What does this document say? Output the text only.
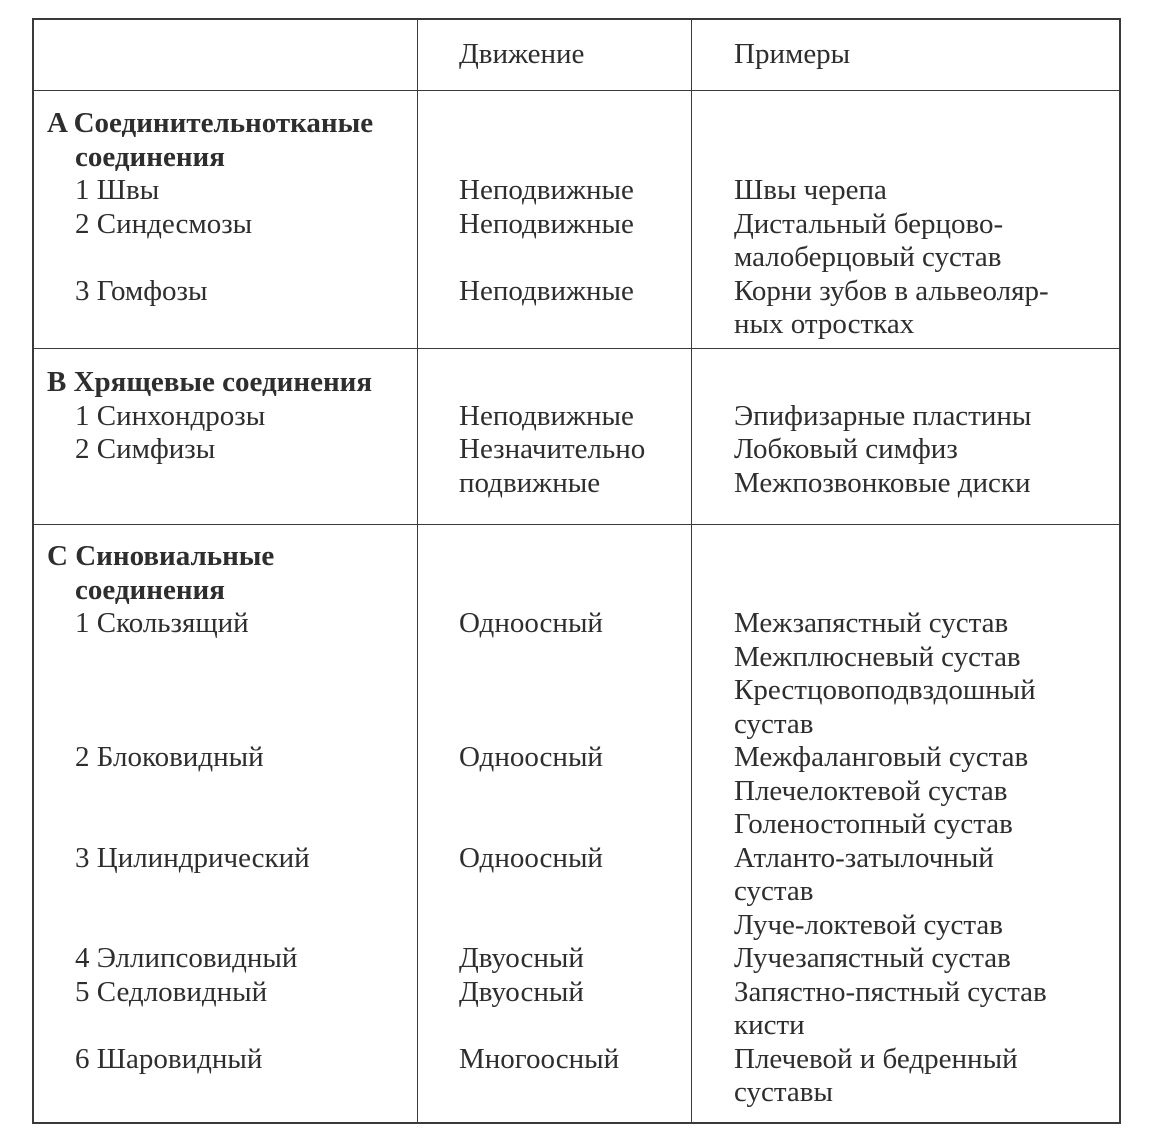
Движение	Примеры
A Соединительнотканые
соединения
1 Швы
2 Синдесмозы
3 Гомфозы
Неподвижные
Неподвижные
Неподвижные
Швы черепа
Дистальный берцово-
малоберцовый сустав
Корни зубов в альвеоляр-
ных отростках
B Хрящевые соединения
1 Синхондрозы
2 Симфизы
Неподвижные
Незначительно
подвижные
Эпифизарные пластины
Лобковый симфиз
Межпозвонковые диски
C Синовиальные
соединения
1 Скользящий
2 Блоковидный
3 Цилиндрический
4 Эллипсовидный
5 Седловидный
6 Шаровидный
Одноосный
Одноосный
Одноосный
Двуосный
Двуосный
Многоосный
Межзапястный сустав
Межплюсневый сустав
Крестцовоподвздошный
сустав
Межфаланговый сустав
Плечелоктевой сустав
Голеностопный сустав
Атланто-затылочный
сустав
Луче-локтевой сустав
Лучезапястный сустав
Запястно-пястный сустав
кисти
Плечевой и бедренный
суставы
